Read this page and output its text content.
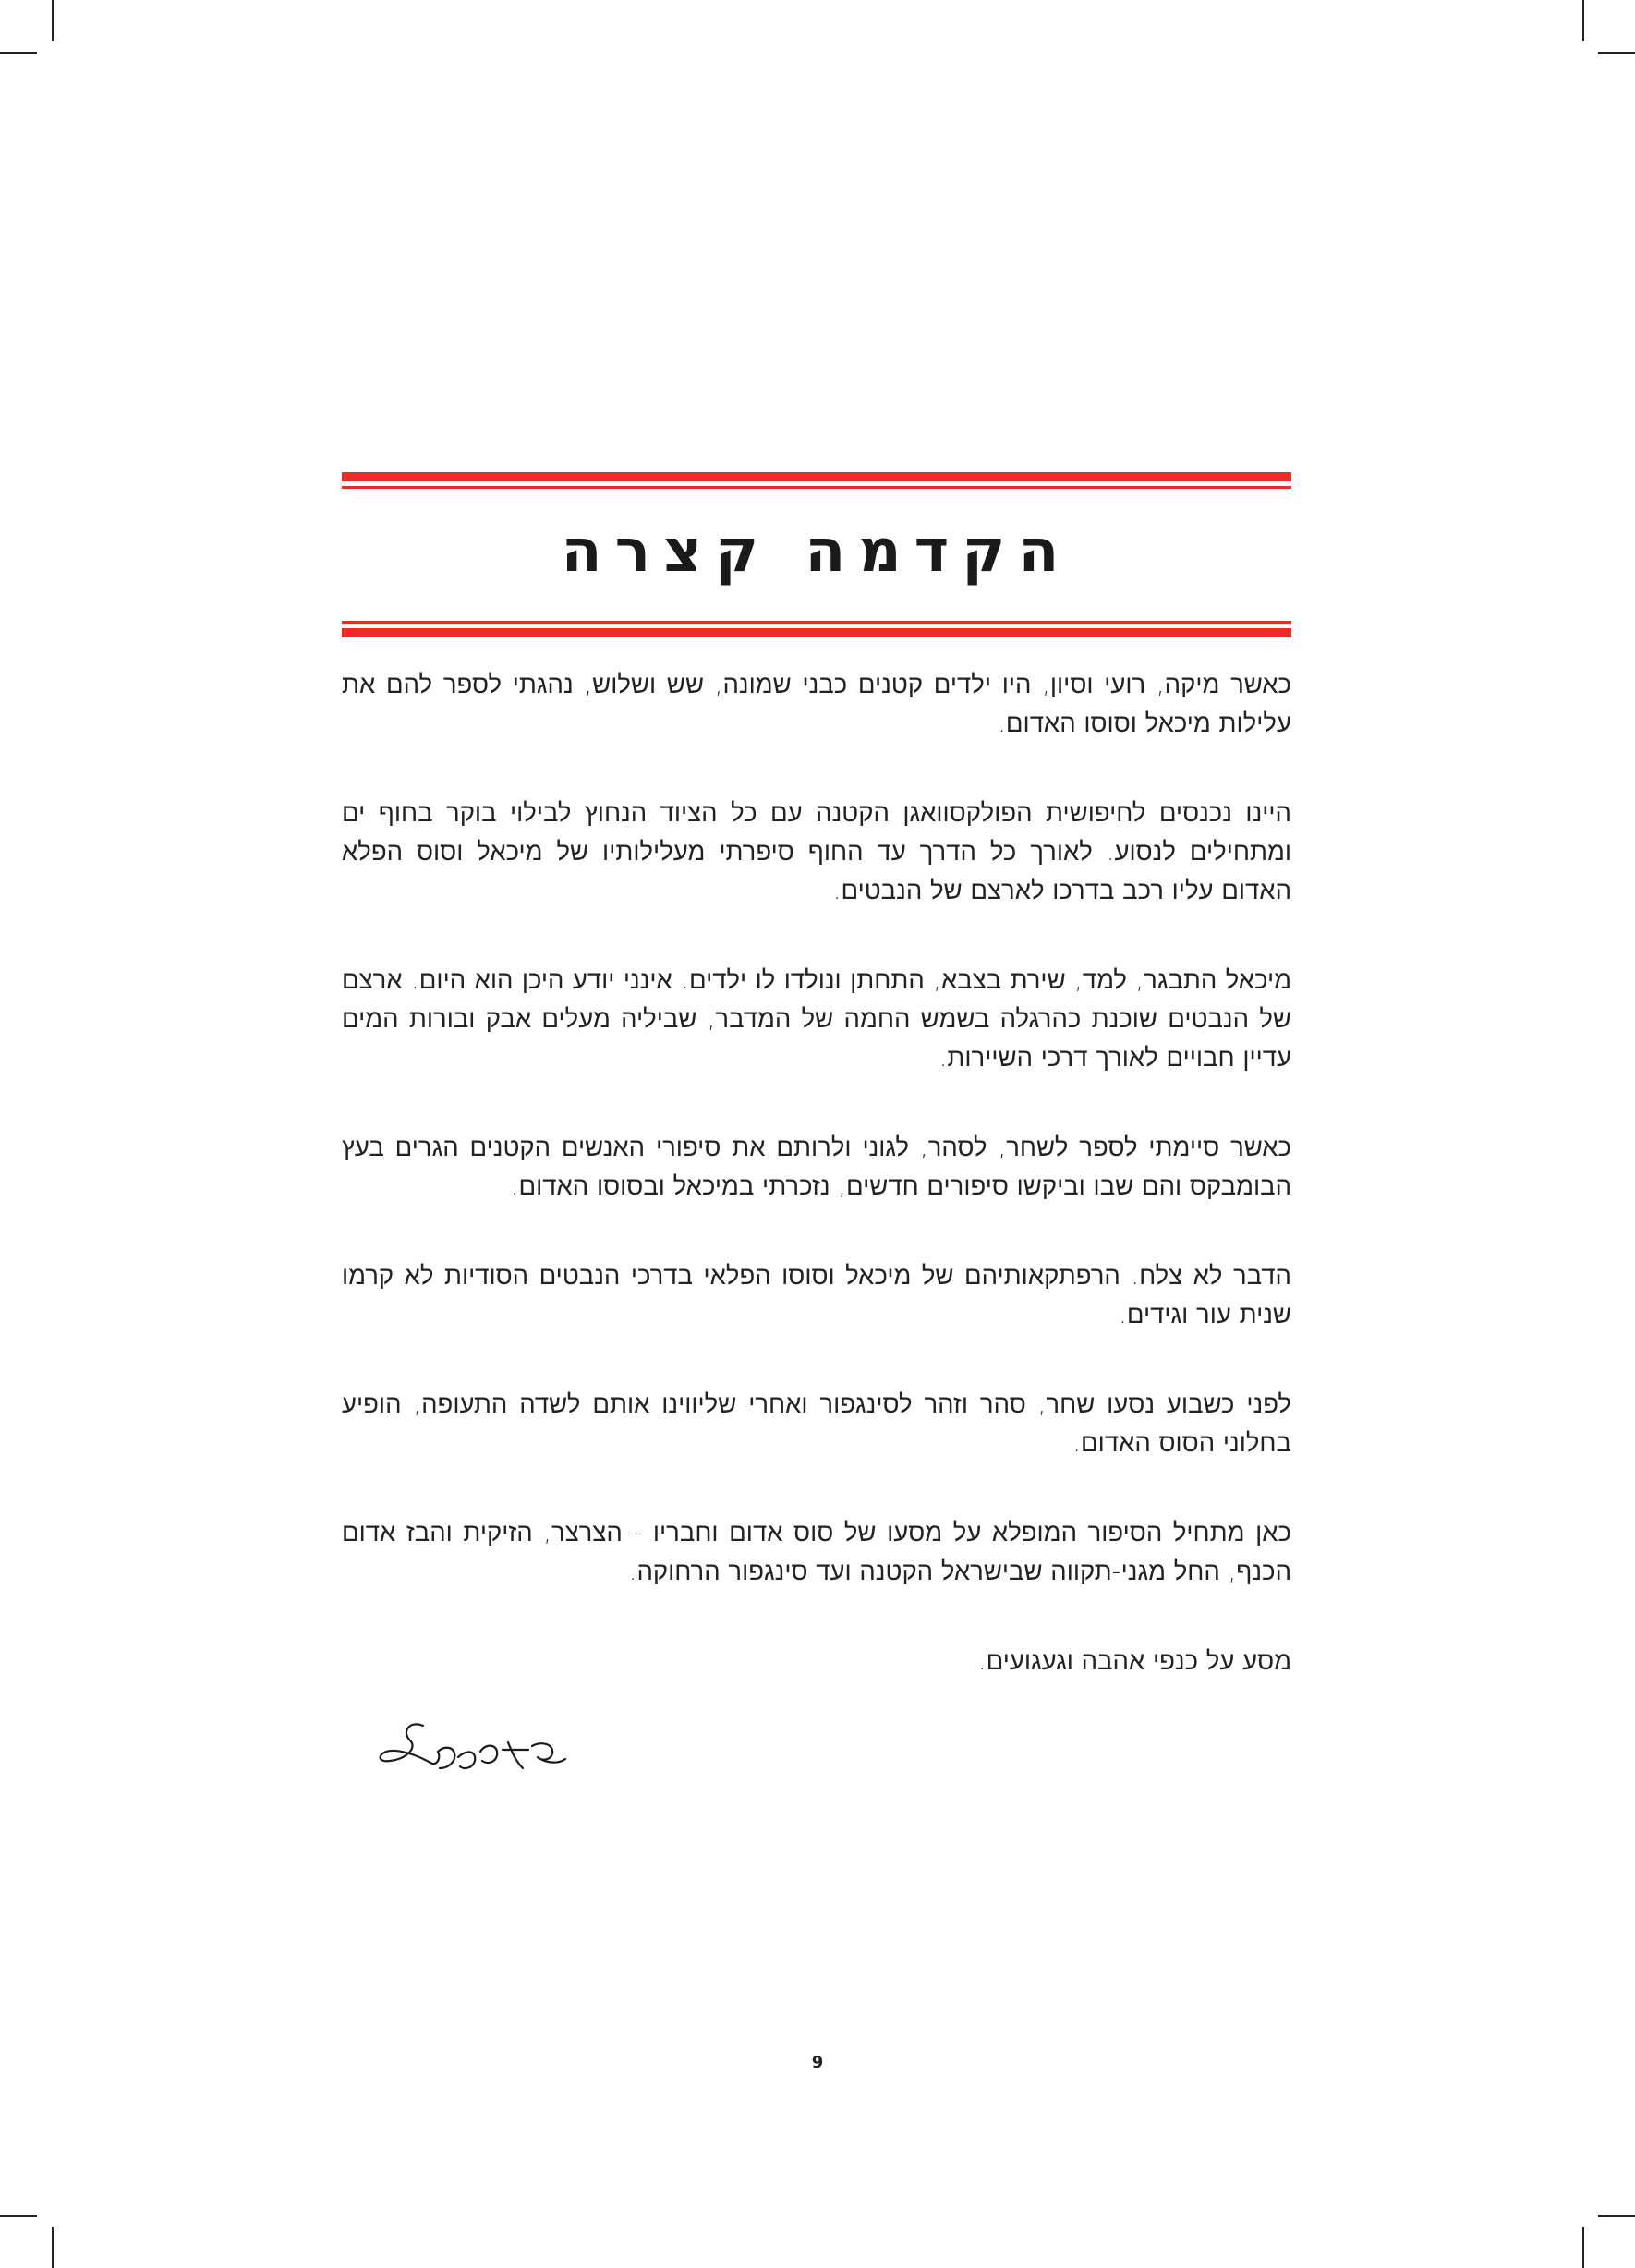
הקדמה קצרה

כאשר מיקה, רועי וסיון, היו ילדים קטנים כבני שמונה, שש ושלוש, נהגתי לספר להם את עלילות מיכאל וסוסו האדום.

היינו נכנסים לחיפושית הפולקסוואגן הקטנה עם כל הציוד הנחוץ לבילוי בוקר בחוף ים ומתחילים לנסוע. לאורך כל הדרך עד החוף סיפרתי מעלילותיו של מיכאל וסוס הפלא האדום עליו רכב בדרכו לארצם של הנבטים.

מיכאל התבגר, למד, שירת בצבא, התחתן ונולדו לו ילדים. אינני יודע היכן הוא היום. ארצם של הנבטים שוכנת כהרגלה בשמש החמה של המדבר, שביליה מעלים אבק ובורות המים עדיין חבויים לאורך דרכי השיירות.

כאשר סיימתי לספר לשחר, לסהר, לגוני ולרותם את סיפורי האנשים הקטנים הגרים בעץ הבומבקס והם שבו וביקשו סיפורים חדשים, נזכרתי במיכאל ובסוסו האדום.

הדבר לא צלח. הרפתקאותיהם של מיכאל וסוסו הפלאי בדרכי הנבטים הסודיות לא קרמו שנית עור וגידים.

לפני כשבוע נסעו שחר, סהר וזהר לסינגפור ואחרי שליווינו אותם לשדה התעופה, הופיע בחלוני הסוס האדום.

כאן מתחיל הסיפור המופלא על מסעו של סוס אדום וחבריו - הצרצר, הזיקית והבז אדום הכנף, החל מגני-תקווה שבישראל הקטנה ועד סינגפור הרחוקה.

מסע על כנפי אהבה וגעגועים.

9
